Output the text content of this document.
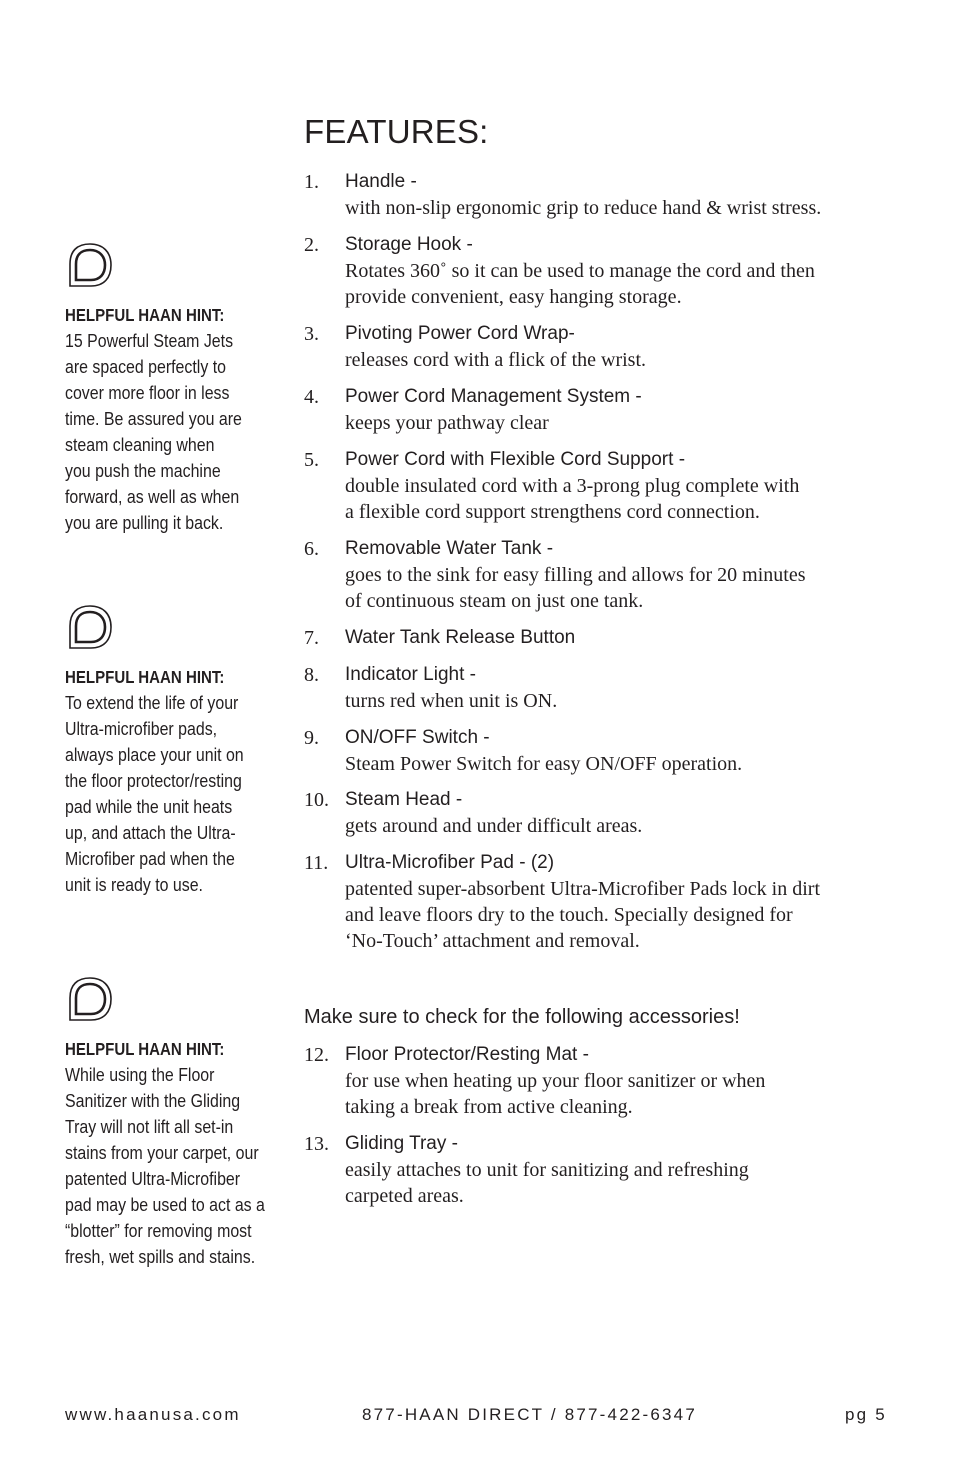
HELPFUL HAAN HINT:
15 Powerful Steam Jets
are spaced perfectly to
cover more floor in less
time. Be assured you are
steam cleaning when
you push the machine
forward, as well as when
you are pulling it back.
HELPFUL HAAN HINT:
To extend the life of your
Ultra-microfiber pads,
always place your unit on
the floor protector/resting
pad while the unit heats
up, and attach the Ultra-
Microfiber pad when the
unit is ready to use.
HELPFUL HAAN HINT:
While using the Floor
Sanitizer with the Gliding
Tray will not lift all set-in
stains from your carpet, our
patented Ultra-Microfiber
pad may be used to act as a
“blotter” for removing most
fresh, wet spills and stains.
FEATURES:
1. Handle -
with non-slip ergonomic grip to reduce hand & wrist stress.
2. Storage Hook -
Rotates 360˚ so it can be used to manage the cord and then
provide convenient, easy hanging storage.
3. Pivoting Power Cord Wrap-
releases cord with a flick of the wrist.
4. Power Cord Management System -
keeps your pathway clear
5. Power Cord with Flexible Cord Support -
double insulated cord with a 3-prong plug complete with
a flexible cord support strengthens cord connection.
6. Removable Water Tank -
goes to the sink for easy filling and allows for 20 minutes
of continuous steam on just one tank.
7. Water Tank Release Button
8. Indicator Light -
turns red when unit is ON.
9. ON/OFF Switch -
Steam Power Switch for easy ON/OFF operation.
10. Steam Head -
gets around and under difficult areas.
11. Ultra-Microfiber Pad - (2)
patented super-absorbent Ultra-Microfiber Pads lock in dirt
and leave floors dry to the touch. Specially designed for
‘No-Touch’ attachment and removal.
Make sure to check for the following accessories!
12. Floor Protector/Resting Mat -
for use when heating up your floor sanitizer or when
taking a break from active cleaning.
13. Gliding Tray -
easily attaches to unit for sanitizing and refreshing
carpeted areas.
www.haanusa.com	877-HAAN DIRECT / 877-422-6347	pg 5
